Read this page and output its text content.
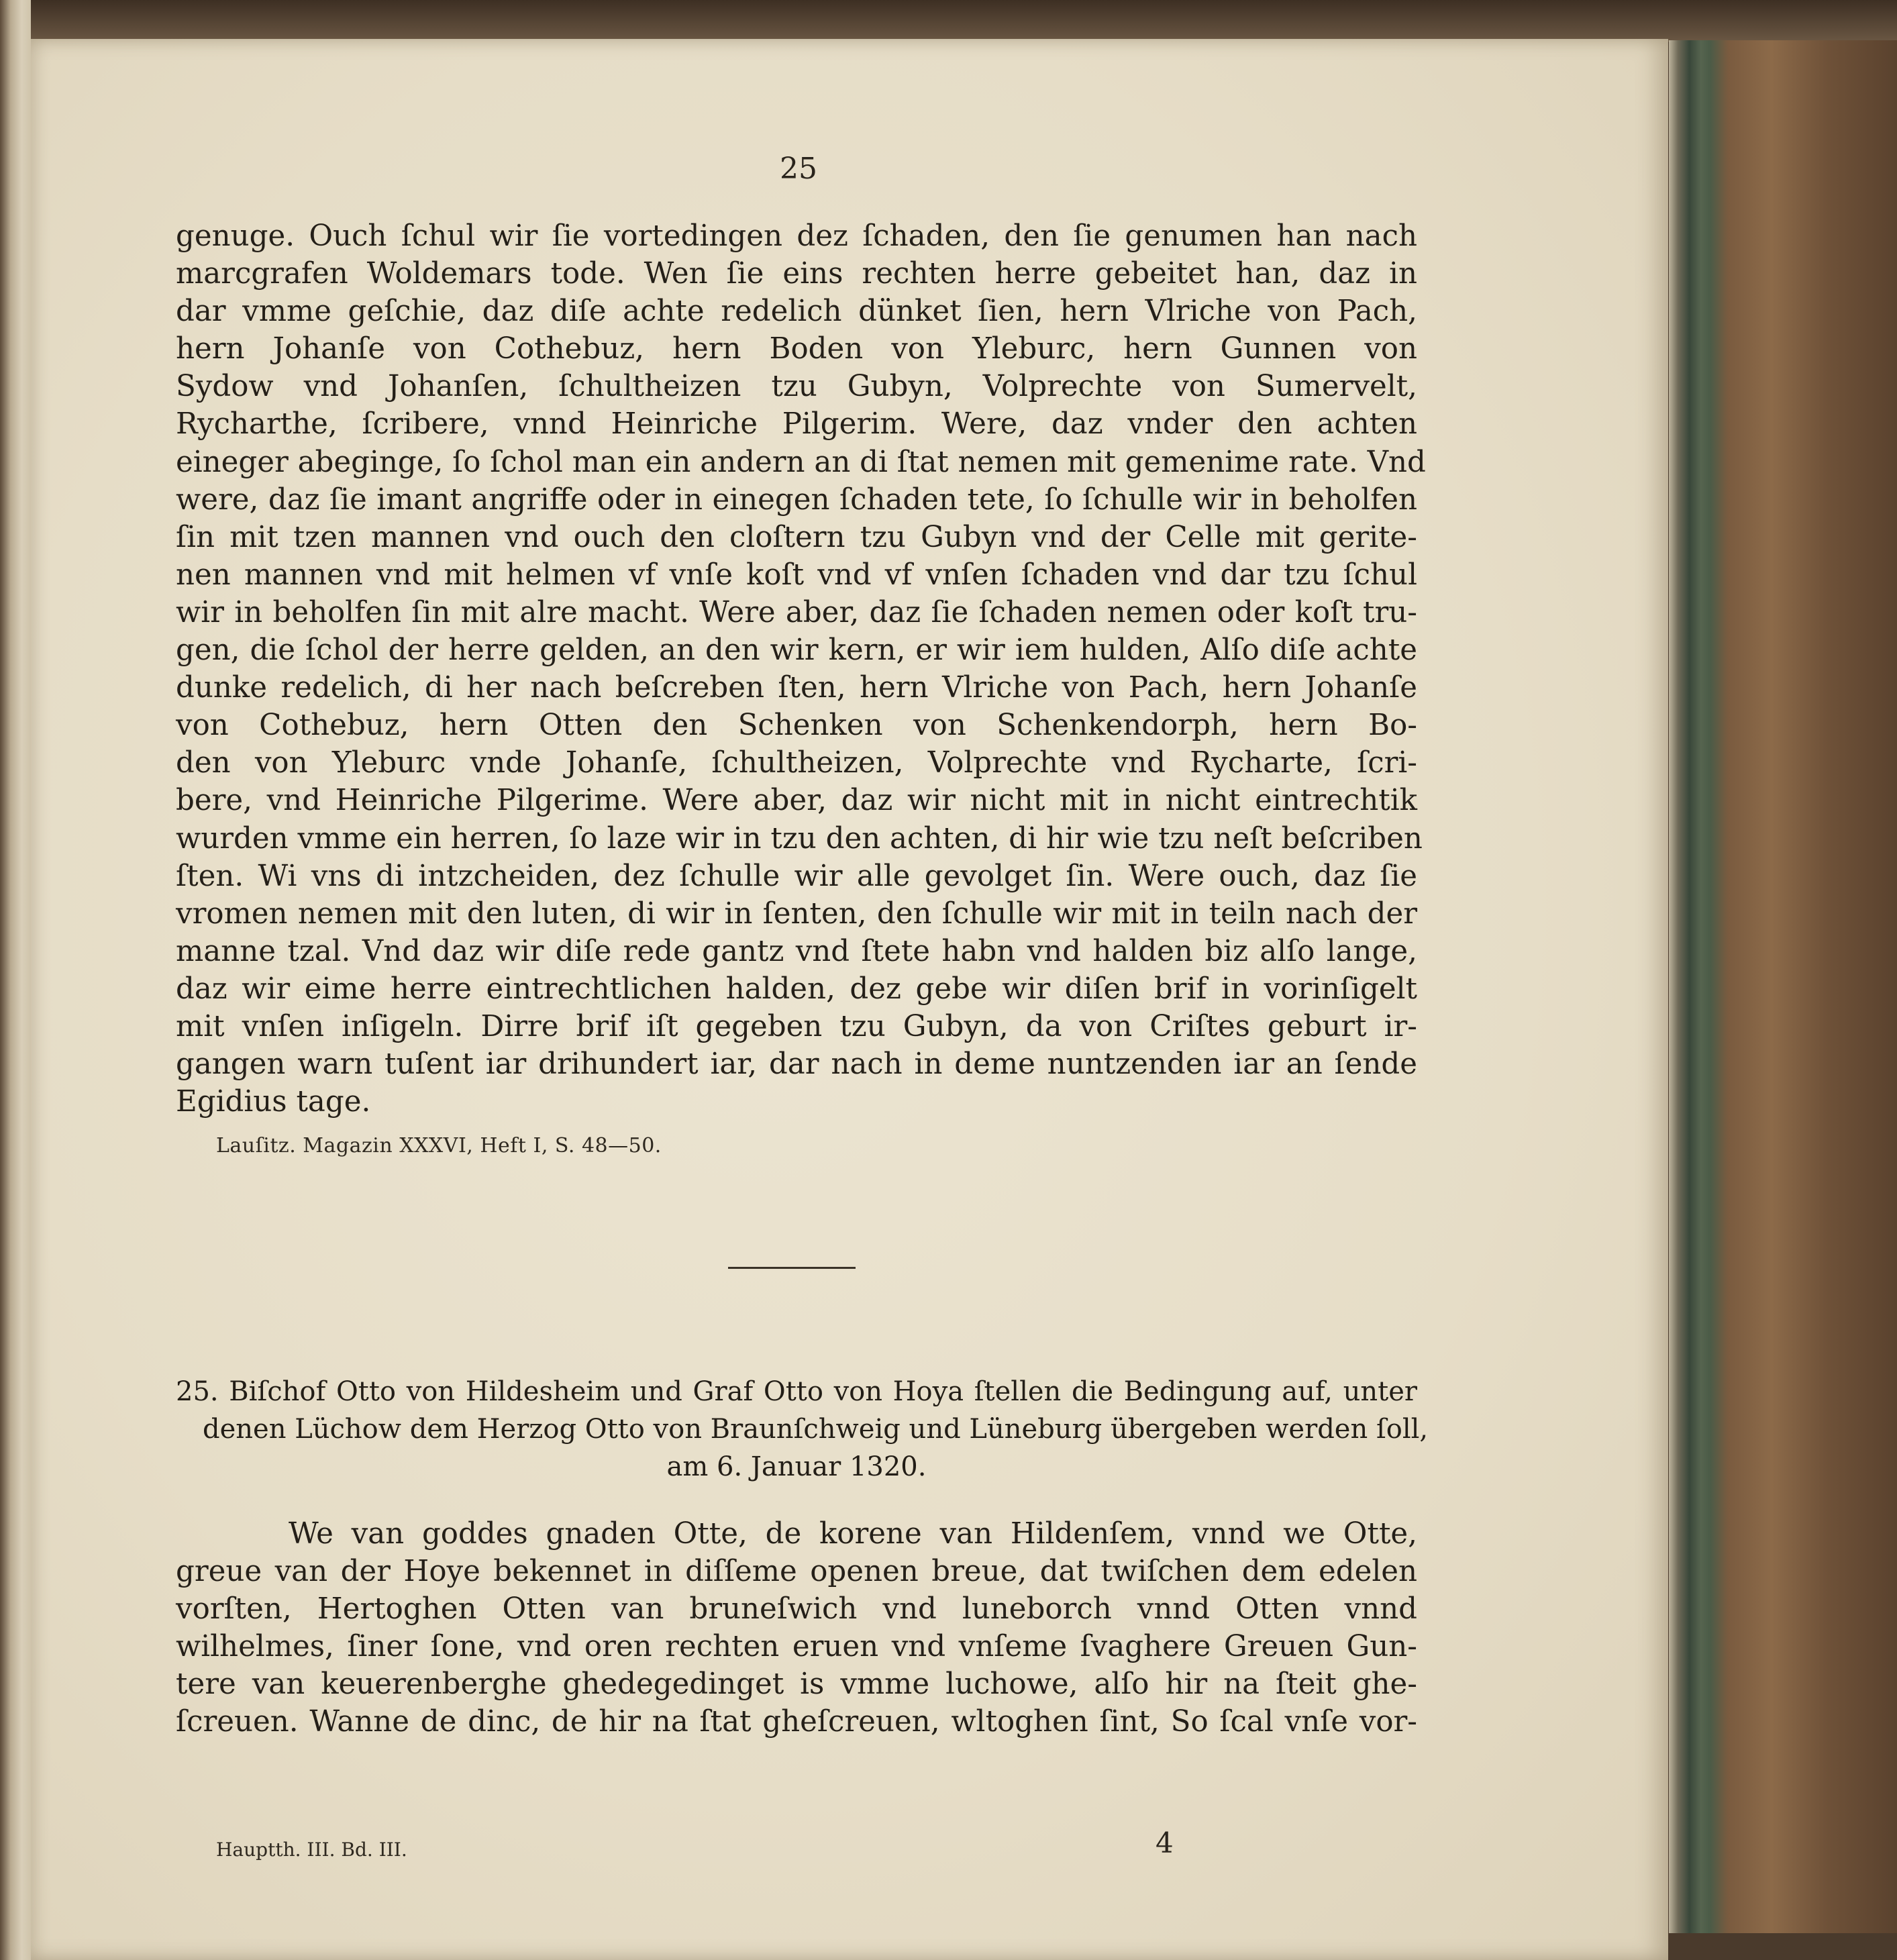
25
genuge. Ouch ſchul wir ſie vortedingen dez ſchaden, den ſie genumen han nach
marcgrafen Woldemars tode. Wen ſie eins rechten herre gebeitet han, daz in
dar vmme geſchie, daz diſe achte redelich dünket ſien, hern Vlriche von Pach,
hern Johanſe von Cothebuz, hern Boden von Yleburc, hern Gunnen von
Sydow vnd Johanſen, ſchultheizen tzu Gubyn, Volprechte von Sumervelt,
Rycharthe, ſcribere, vnnd Heinriche Pilgerim. Were, daz vnder den achten
eineger abeginge, ſo ſchol man ein andern an di ſtat nemen mit gemenime rate. Vnd
were, daz ſie imant angriffe oder in einegen ſchaden tete, ſo ſchulle wir in beholfen
ſin mit tzen mannen vnd ouch den cloſtern tzu Gubyn vnd der Celle mit gerite-
nen mannen vnd mit helmen vf vnſe koſt vnd vf vnſen ſchaden vnd dar tzu ſchul
wir in beholfen ſin mit alre macht. Were aber, daz ſie ſchaden nemen oder koſt tru-
gen, die ſchol der herre gelden, an den wir kern, er wir iem hulden, Alſo diſe achte
dunke redelich, di her nach beſcreben ſten, hern Vlriche von Pach, hern Johanſe
von Cothebuz, hern Otten den Schenken von Schenkendorph, hern Bo-
den von Yleburc vnde Johanſe, ſchultheizen, Volprechte vnd Rycharte, ſcri-
bere, vnd Heinriche Pilgerime. Were aber, daz wir nicht mit in nicht eintrechtik
wurden vmme ein herren, ſo laze wir in tzu den achten, di hir wie tzu neſt beſcriben
ſten. Wi vns di intzcheiden, dez ſchulle wir alle gevolget ſin. Were ouch, daz ſie
vromen nemen mit den luten, di wir in ſenten, den ſchulle wir mit in teiln nach der
manne tzal. Vnd daz wir diſe rede gantz vnd ſtete habn vnd halden biz alſo lange,
daz wir eime herre eintrechtlichen halden, dez gebe wir diſen brif in vorinſigelt
mit vnſen inſigeln. Dirre brif iſt gegeben tzu Gubyn, da von Criſtes geburt ir-
gangen warn tuſent iar drihundert iar, dar nach in deme nuntzenden iar an ſende
Egidius tage.
Lauſitz. Magazin XXXVI, Heft I, S. 48—50.
25. Biſchof Otto von Hildesheim und Graf Otto von Hoya ſtellen die Bedingung auf, unter
denen Lüchow dem Herzog Otto von Braunſchweig und Lüneburg übergeben werden ſoll,
am 6. Januar 1320.
We van goddes gnaden Otte, de korene van Hildenſem, vnnd we Otte,
greue van der Hoye bekennet in diſſeme openen breue, dat twiſchen dem edelen
vorſten, Hertoghen Otten van bruneſwich vnd luneborch vnnd Otten vnnd
wilhelmes, ſiner ſone, vnd oren rechten eruen vnd vnſeme ſvaghere Greuen Gun-
tere van keuerenberghe ghedegedinget is vmme luchowe, alſo hir na ſteit ghe-
ſcreuen. Wanne de dinc, de hir na ſtat gheſcreuen, wltoghen ſint, So ſcal vnſe vor-
Hauptth. III. Bd. III.	4
